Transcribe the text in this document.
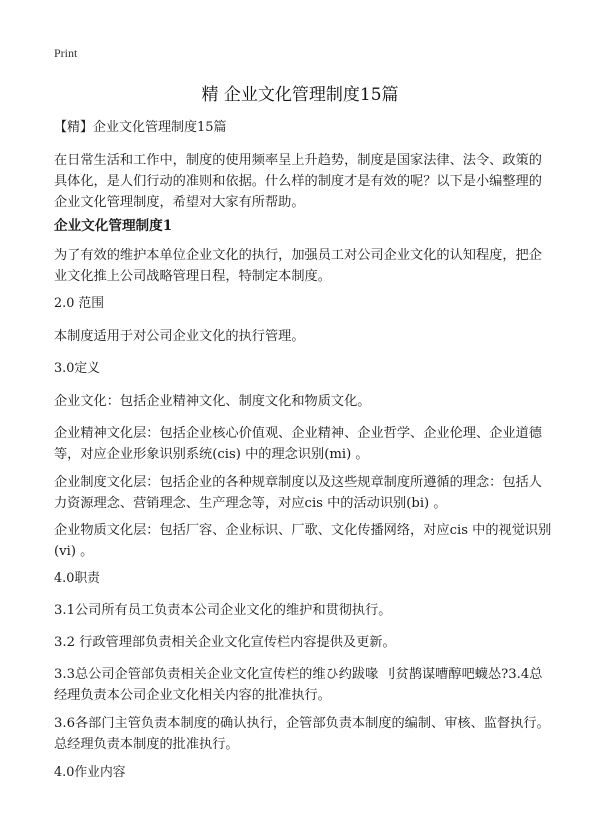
Print
精 企业文化管理制度15篇
【精】企业文化管理制度15篇
在日常生活和工作中，制度的使用频率呈上升趋势，制度是国家法律、法令、政策的具体化，是人们行动的准则和依据。什么样的制度才是有效的呢？以下是小编整理的企业文化管理制度，希望对大家有所帮助。
企业文化管理制度1
为了有效的维护本单位企业文化的执行，加强员工对公司企业文化的认知程度，把企业文化推上公司战略管理日程，特制定本制度。
2.0 范围
本制度适用于对公司企业文化的执行管理。
3.0定义
企业文化：包括企业精神文化、制度文化和物质文化。
企业精神文化层：包括企业核心价值观、企业精神、企业哲学、企业伦理、企业道德等，对应企业形象识别系统(cis) 中的理念识别(mi) 。
企业制度文化层：包括企业的各种规章制度以及这些规章制度所遵循的理念：包括人力资源理念、营销理念、生产理念等，对应cis 中的活动识别(bi) 。
企业物质文化层：包括厂容、企业标识、厂歌、文化传播网络，对应cis 中的视觉识别(vi) 。
4.0职责
3.1公司所有员工负责本公司企业文化的维护和贯彻执行。
3.2 行政管理部负责相关企业文化宣传栏内容提供及更新。
3.3总公司企管部负责相关企业文化宣传栏的维ひ约跋喙 刂贫鹊谋嘈醇吧蠛怂?3.4总经理负责本公司企业文化相关内容的批准执行。
3.6各部门主管负责本制度的确认执行，企管部负责本制度的编制、审核、监督执行。总经理负责本制度的批准执行。
4.0作业内容
